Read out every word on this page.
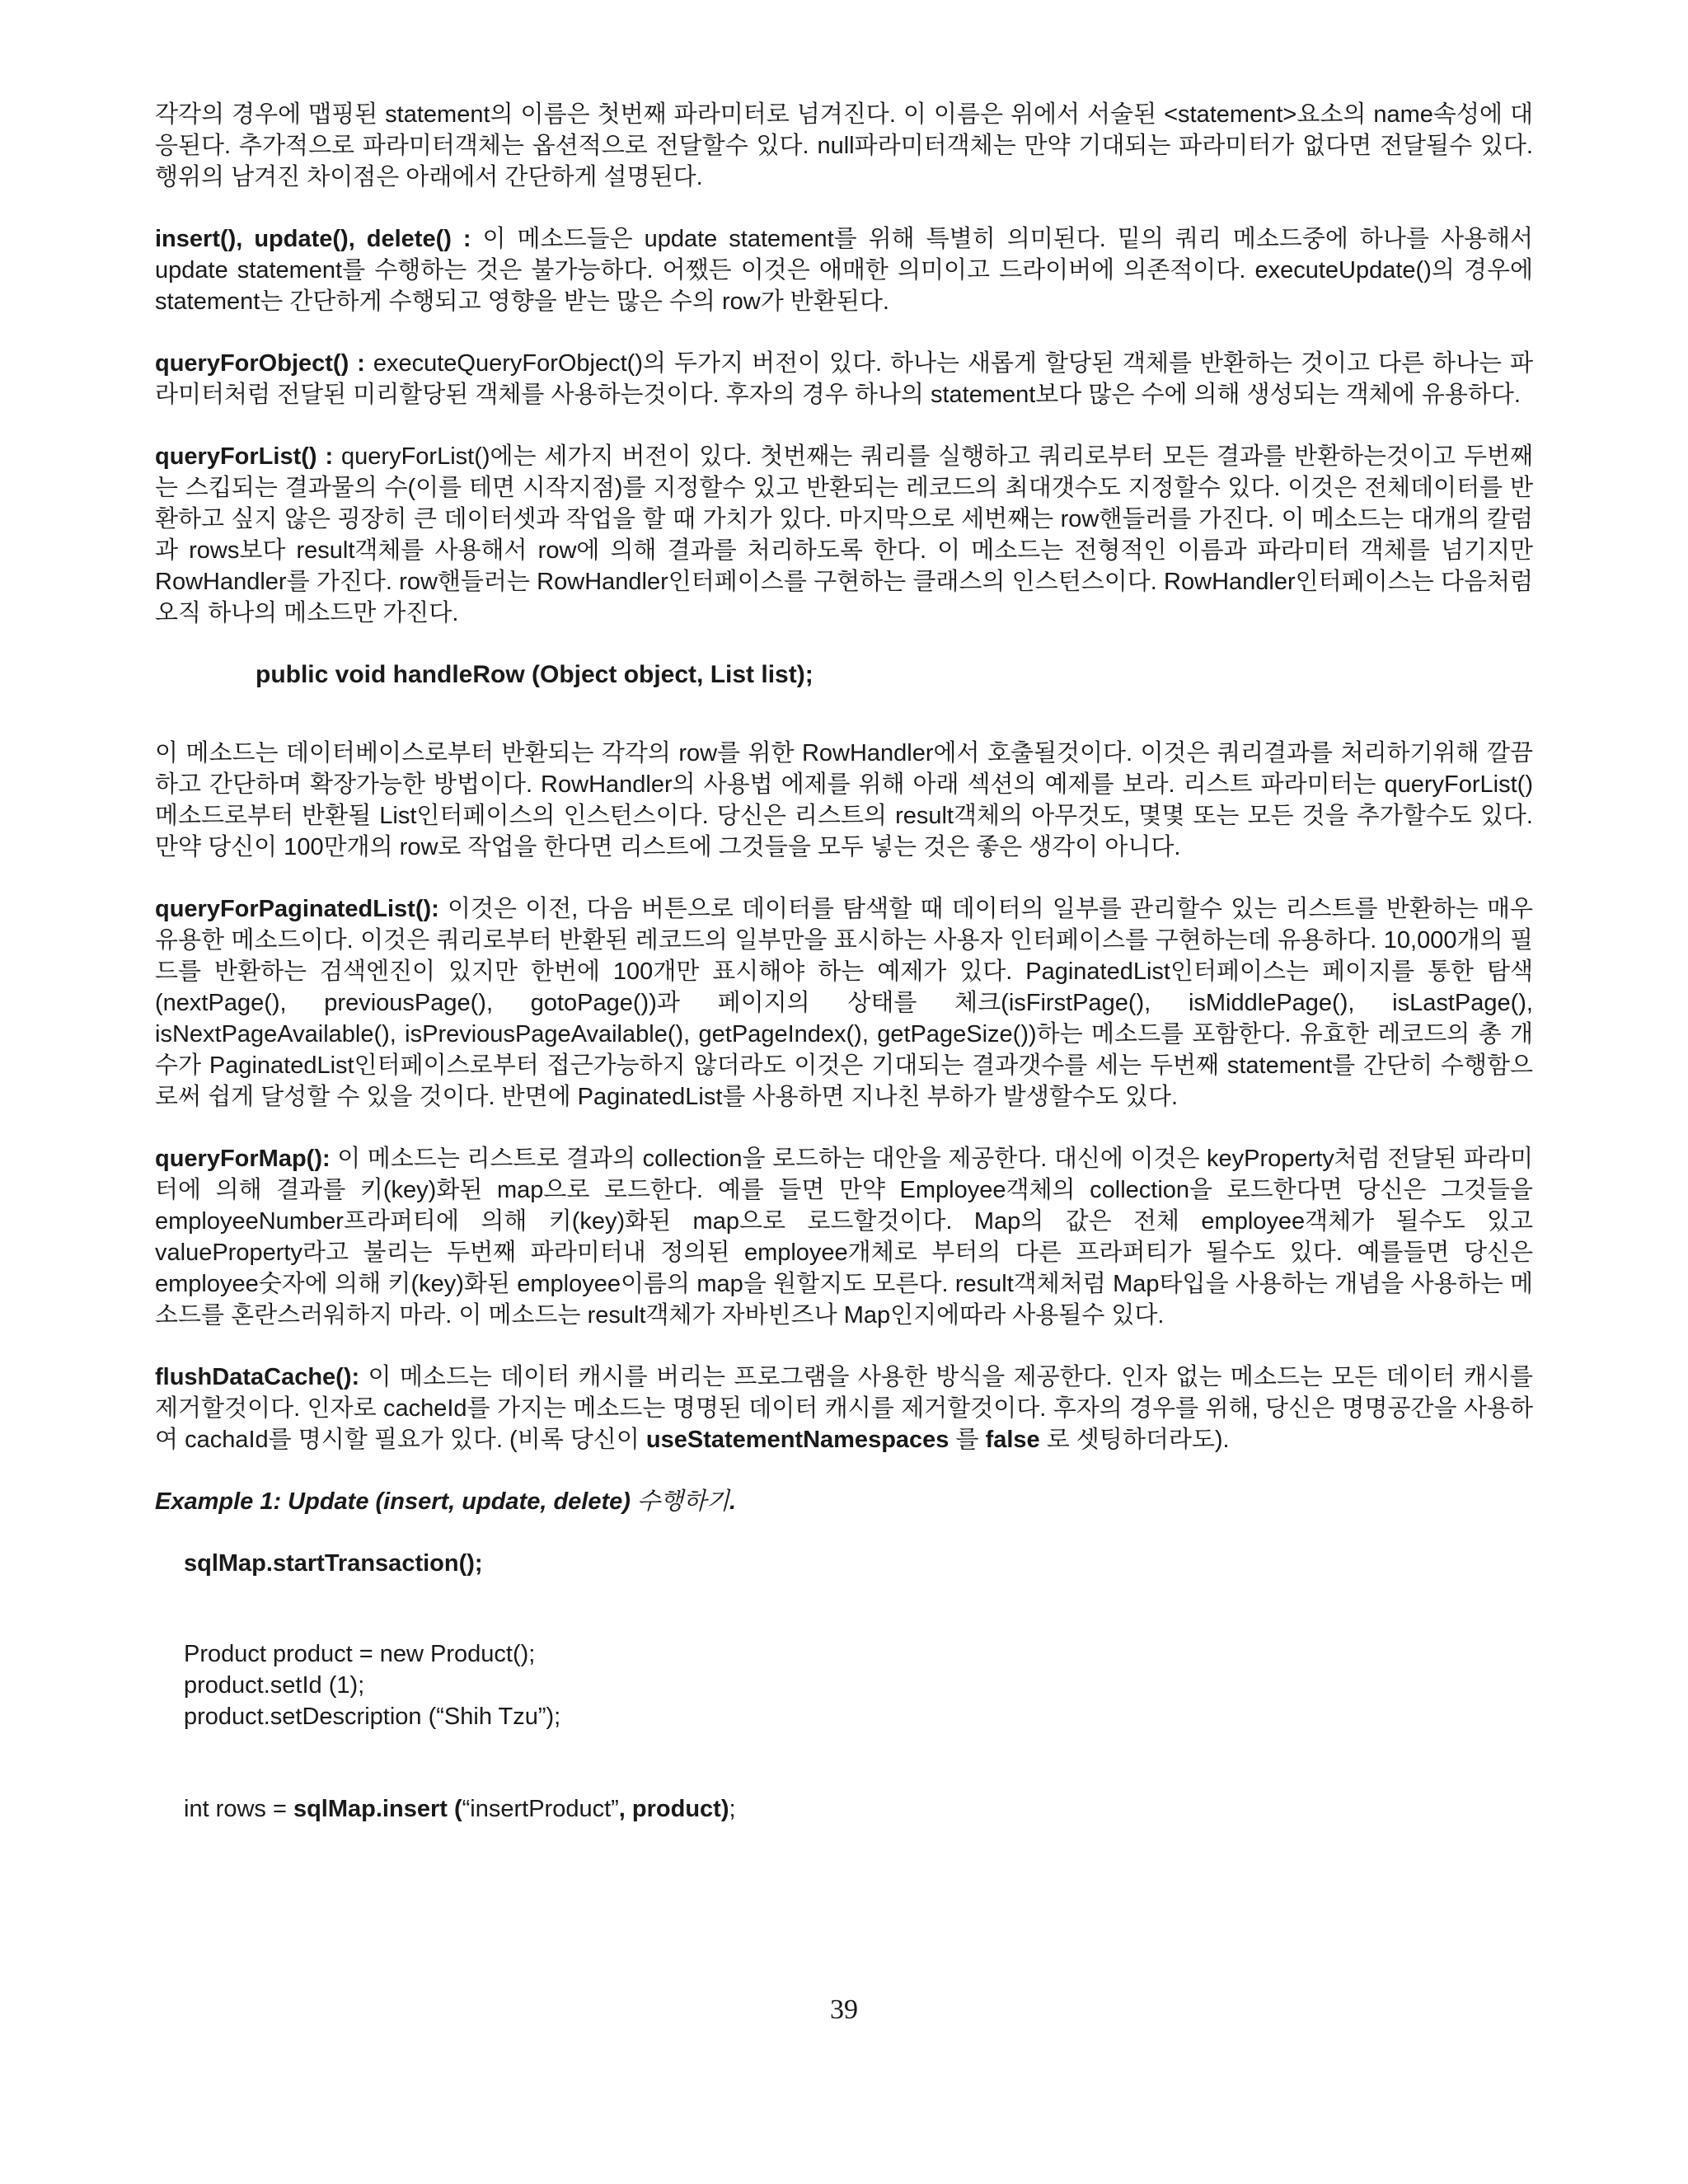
각각의 경우에 맵핑된 statement의 이름은 첫번째 파라미터로 넘겨진다. 이 이름은 위에서 서술된 <statement>요소의 name속성에 대응된다. 추가적으로 파라미터객체는 옵션적으로 전달할수 있다. null파라미터객체는 만약 기대되는 파라미터가 없다면 전달될수 있다. 행위의 남겨진 차이점은 아래에서 간단하게 설명된다.

insert(), update(), delete() : 이 메소드들은 update statement를 위해 특별히 의미된다. 밑의 쿼리 메소드중에 하나를 사용해서 update statement를 수행하는 것은 불가능하다. 어쨌든 이것은 애매한 의미이고 드라이버에 의존적이다. executeUpdate()의 경우에 statement는 간단하게 수행되고 영향을 받는 많은 수의 row가 반환된다.

queryForObject() : executeQueryForObject()의 두가지 버전이 있다. 하나는 새롭게 할당된 객체를 반환하는 것이고 다른 하나는 파라미터처럼 전달된 미리할당된 객체를 사용하는것이다. 후자의 경우 하나의 statement보다 많은 수에 의해 생성되는 객체에 유용하다.

queryForList() : queryForList()에는 세가지 버전이 있다. 첫번째는 쿼리를 실행하고 쿼리로부터 모든 결과를 반환하는것이고 두번째는 스킵되는 결과물의 수(이를 테면 시작지점)를 지정할수 있고 반환되는 레코드의 최대갯수도 지정할수 있다. 이것은 전체데이터를 반환하고 싶지 않은 굉장히 큰 데이터셋과 작업을 할 때 가치가 있다. 마지막으로 세번째는 row핸들러를 가진다. 이 메소드는 대개의 칼럼과 rows보다 result객체를 사용해서 row에 의해 결과를 처리하도록 한다. 이 메소드는 전형적인 이름과 파라미터 객체를 넘기지만 RowHandler를 가진다. row핸들러는 RowHandler인터페이스를 구현하는 클래스의 인스턴스이다. RowHandler인터페이스는 다음처럼 오직 하나의 메소드만 가진다.

public void handleRow (Object object, List list);

이 메소드는 데이터베이스로부터 반환되는 각각의 row를 위한 RowHandler에서 호출될것이다. 이것은 쿼리결과를 처리하기위해 깔끔하고 간단하며 확장가능한 방법이다. RowHandler의 사용법 에제를 위해 아래 섹션의 예제를 보라. 리스트 파라미터는 queryForList()메소드로부터 반환될 List인터페이스의 인스턴스이다. 당신은 리스트의 result객체의 아무것도, 몇몇 또는 모든 것을 추가할수도 있다. 만약 당신이 100만개의 row로 작업을 한다면 리스트에 그것들을 모두 넣는 것은 좋은 생각이 아니다.

queryForPaginatedList(): 이것은 이전, 다음 버튼으로 데이터를 탐색할 때 데이터의 일부를 관리할수 있는 리스트를 반환하는 매우 유용한 메소드이다. 이것은 쿼리로부터 반환된 레코드의 일부만을 표시하는 사용자 인터페이스를 구현하는데 유용하다. 10,000개의 필드를 반환하는 검색엔진이 있지만 한번에 100개만 표시해야 하는 예제가 있다. PaginatedList인터페이스는 페이지를 통한 탐색(nextPage(), previousPage(), gotoPage())과 페이지의 상태를 체크(isFirstPage(), isMiddlePage(), isLastPage(), isNextPageAvailable(), isPreviousPageAvailable(), getPageIndex(), getPageSize())하는 메소드를 포함한다. 유효한 레코드의 총 개수가 PaginatedList인터페이스로부터 접근가능하지 않더라도 이것은 기대되는 결과갯수를 세는 두번째 statement를 간단히 수행함으로써 쉽게 달성할 수 있을 것이다. 반면에 PaginatedList를 사용하면 지나친 부하가 발생할수도 있다.

queryForMap(): 이 메소드는 리스트로 결과의 collection을 로드하는 대안을 제공한다. 대신에 이것은 keyProperty처럼 전달된 파라미터에 의해 결과를 키(key)화된 map으로 로드한다. 예를 들면 만약 Employee객체의 collection을 로드한다면 당신은 그것들을 employeeNumber프라퍼티에 의해 키(key)화된 map으로 로드할것이다. Map의 값은 전체 employee객체가 될수도 있고 valueProperty라고 불리는 두번째 파라미터내 정의된 employee개체로 부터의 다른 프라퍼티가 될수도 있다. 예를들면 당신은 employee숫자에 의해 키(key)화된 employee이름의 map을 원할지도 모른다. result객체처럼 Map타입을 사용하는 개념을 사용하는 메소드를 혼란스러워하지 마라. 이 메소드는 result객체가 자바빈즈나 Map인지에따라 사용될수 있다.

flushDataCache(): 이 메소드는 데이터 캐시를 버리는 프로그램을 사용한 방식을 제공한다. 인자 없는 메소드는 모든 데이터 캐시를 제거할것이다. 인자로 cacheId를 가지는 메소드는 명명된 데이터 캐시를 제거할것이다. 후자의 경우를 위해, 당신은 명명공간을 사용하여 cachaId를 명시할 필요가 있다. (비록 당신이 useStatementNamespaces 를 false 로 셋팅하더라도).

Example 1: Update (insert, update, delete) 수행하기.
sqlMap.startTransaction();
Product product = new Product();
product.setId (1);
product.setDescription (“Shih Tzu”);
int rows = sqlMap.insert (“insertProduct”, product);
39
